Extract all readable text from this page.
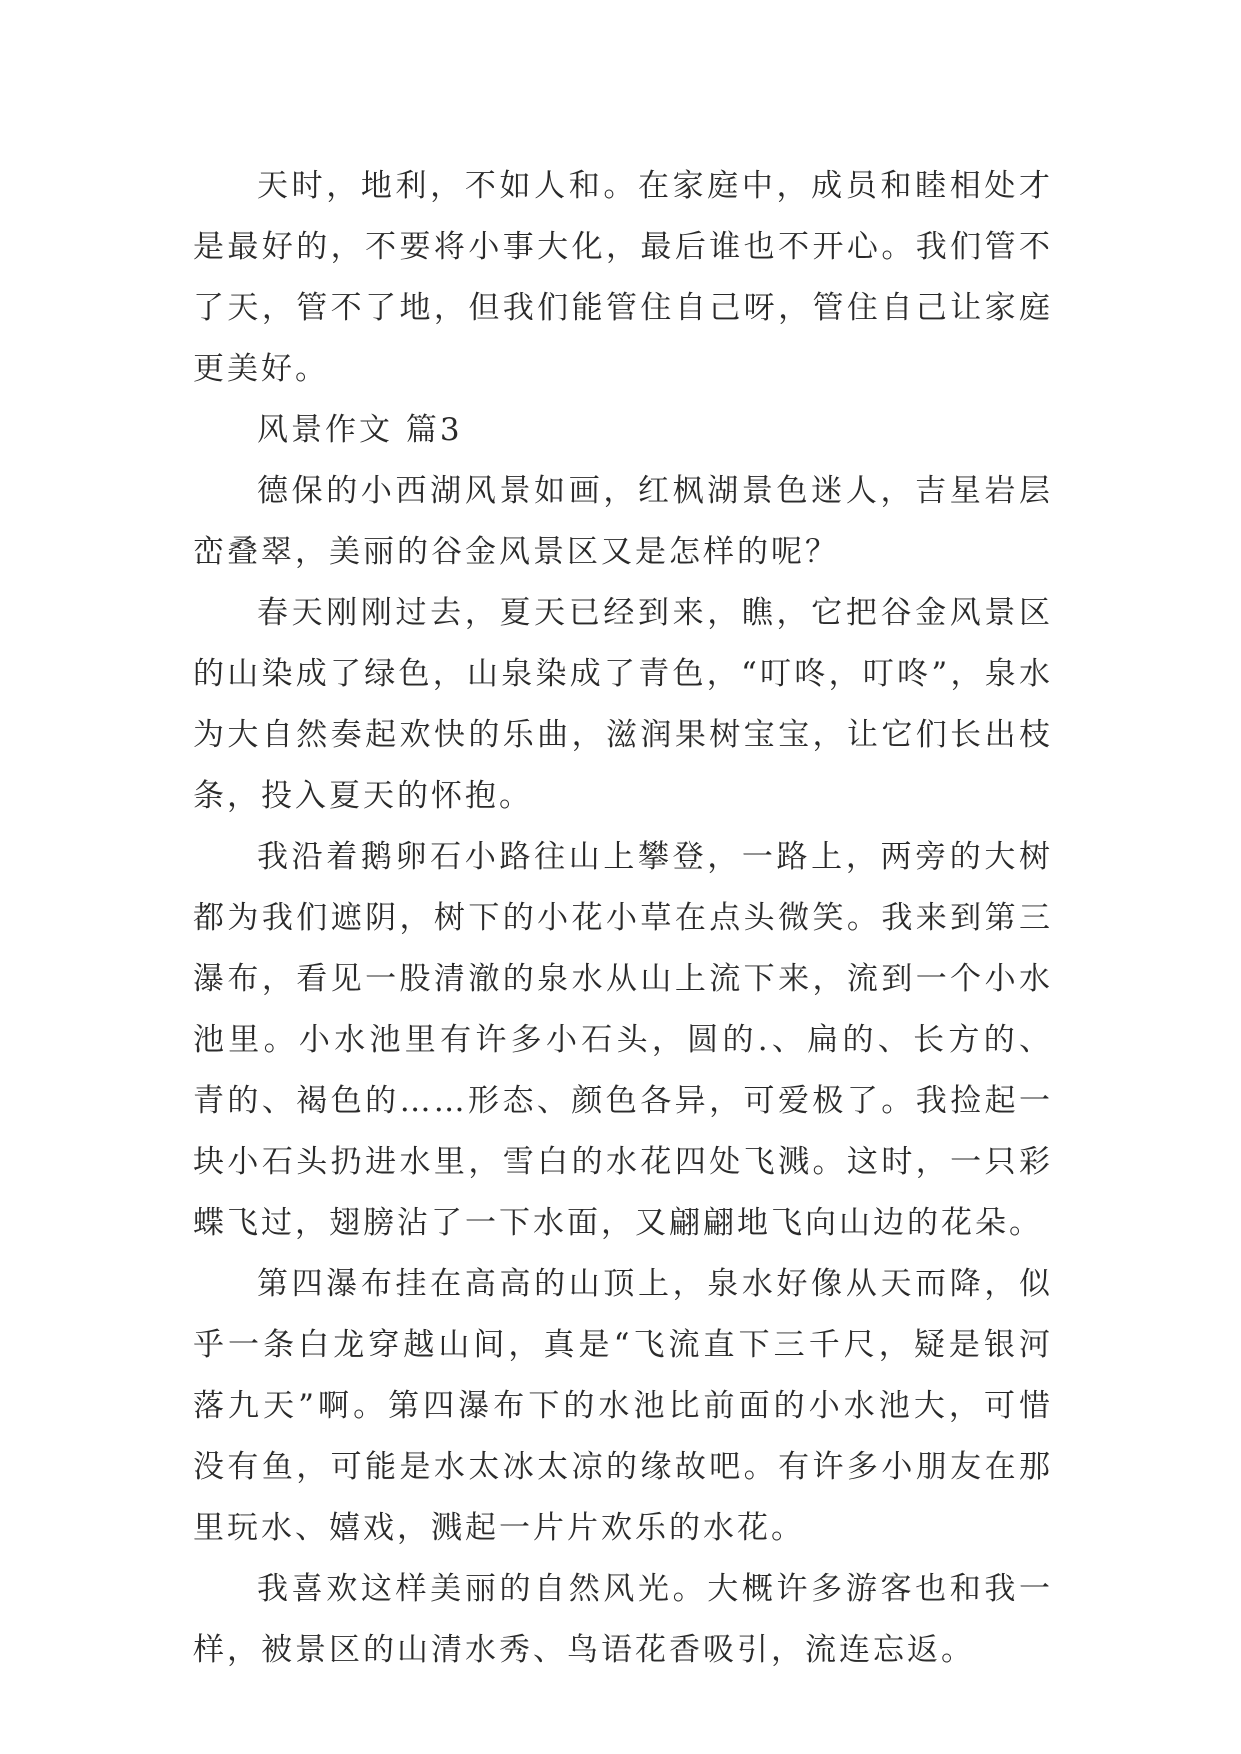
天时，地利，不如人和。在家庭中，成员和睦相处才是最好的，不要将小事大化，最后谁也不开心。我们管不了天，管不了地，但我们能管住自己呀，管住自己让家庭更美好。

风景作文 篇3

德保的小西湖风景如画，红枫湖景色迷人，吉星岩层峦叠翠，美丽的谷金风景区又是怎样的呢？

春天刚刚过去，夏天已经到来，瞧，它把谷金风景区的山染成了绿色，山泉染成了青色，“叮咚，叮咚”，泉水为大自然奏起欢快的乐曲，滋润果树宝宝，让它们长出枝条，投入夏天的怀抱。

我沿着鹅卵石小路往山上攀登，一路上，两旁的大树都为我们遮阴，树下的小花小草在点头微笑。我来到第三瀑布，看见一股清澈的泉水从山上流下来，流到一个小水池里。小水池里有许多小石头，圆的.、扁的、长方的、青的、褐色的……形态、颜色各异，可爱极了。我捡起一块小石头扔进水里，雪白的水花四处飞溅。这时，一只彩蝶飞过，翅膀沾了一下水面，又翩翩地飞向山边的花朵。

第四瀑布挂在高高的山顶上，泉水好像从天而降，似乎一条白龙穿越山间，真是“飞流直下三千尺，疑是银河落九天”啊。第四瀑布下的水池比前面的小水池大，可惜没有鱼，可能是水太冰太凉的缘故吧。有许多小朋友在那里玩水、嬉戏，溅起一片片欢乐的水花。

我喜欢这样美丽的自然风光。大概许多游客也和我一样，被景区的山清水秀、鸟语花香吸引，流连忘返。
